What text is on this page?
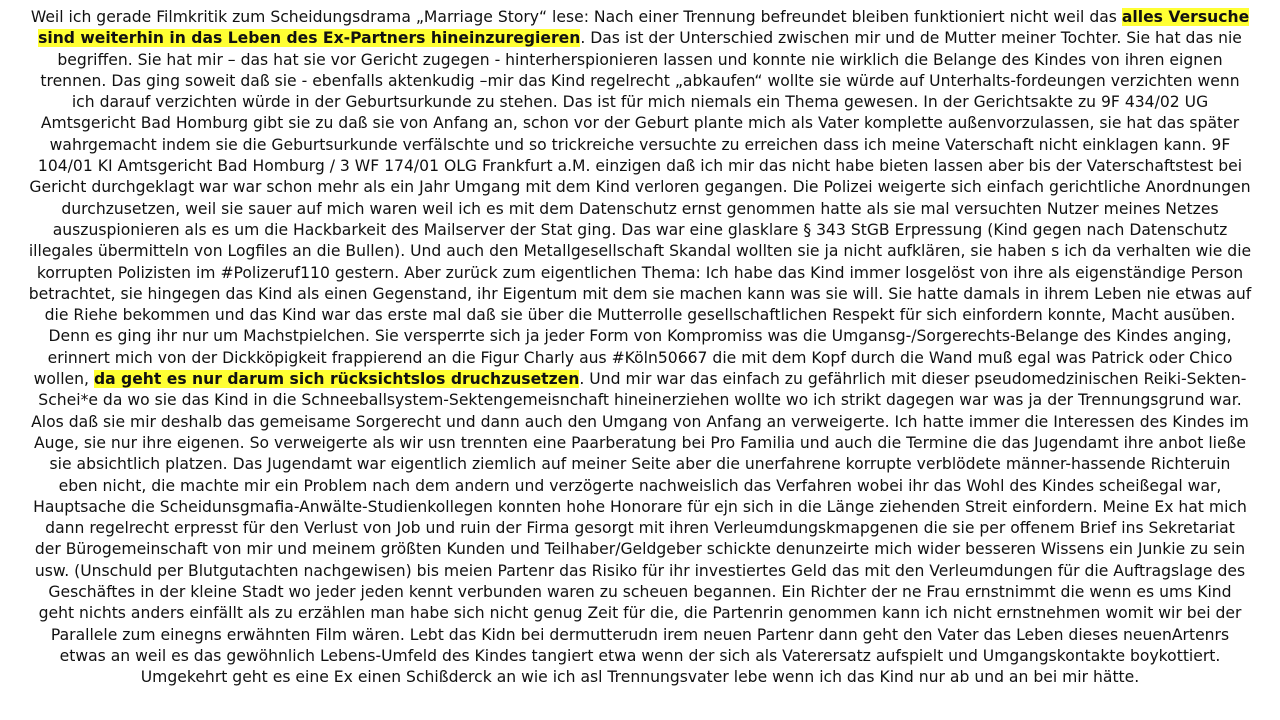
Weil ich gerade Filmkritik zum Scheidungsdrama „Marriage Story“ lese: Nach einer Trennung befreundet bleiben funktioniert nicht weil das alles Versuche
sind weiterhin in das Leben des Ex-Partners hineinzuregieren. Das ist der Unterschied zwischen mir und de Mutter meiner Tochter. Sie hat das nie
begriffen. Sie hat mir – das hat sie vor Gericht zugegen - hinterherspionieren lassen und konnte nie wirklich die Belange des Kindes von ihren eignen
trennen. Das ging soweit daß sie - ebenfalls aktenkudig –mir das Kind regelrecht „abkaufen“ wollte sie würde auf Unterhalts-fordeungen verzichten wenn
ich darauf verzichten würde in der Geburtsurkunde zu stehen. Das ist für mich niemals ein Thema gewesen. In der Gerichtsakte zu 9F 434/02 UG
Amtsgericht Bad Homburg gibt sie zu daß sie von Anfang an, schon vor der Geburt plante mich als Vater komplette außenvorzulassen, sie hat das später
wahrgemacht indem sie die Geburtsurkunde verfälschte und so trickreiche versuchte zu erreichen dass ich meine Vaterschaft nicht einklagen kann. 9F
104/01 KI Amtsgericht Bad Homburg / 3 WF 174/01 OLG Frankfurt a.M. einzigen daß ich mir das nicht habe bieten lassen aber bis der Vaterschaftstest bei
Gericht durchgeklagt war war schon mehr als ein Jahr Umgang mit dem Kind verloren gegangen. Die Polizei weigerte sich einfach gerichtliche Anordnungen
durchzusetzen, weil sie sauer auf mich waren weil ich es mit dem Datenschutz ernst genommen hatte als sie mal versuchten Nutzer meines Netzes
auszuspionieren als es um die Hackbarkeit des Mailserver der Stat ging. Das war eine glasklare § 343 StGB Erpressung (Kind gegen nach Datenschutz
illegales übermitteln von Logfiles an die Bullen). Und auch den Metallgesellschaft Skandal wollten sie ja nicht aufklären, sie haben s ich da verhalten wie die
korrupten Polizisten im #Polizeruf110 gestern. Aber zurück zum eigentlichen Thema: Ich habe das Kind immer losgelöst von ihre als eigenständige Person
betrachtet, sie hingegen das Kind als einen Gegenstand, ihr Eigentum mit dem sie machen kann was sie will. Sie hatte damals in ihrem Leben nie etwas auf
die Riehe bekommen und das Kind war das erste mal daß sie über die Mutterrolle gesellschaftlichen Respekt für sich einfordern konnte, Macht ausüben.
Denn es ging ihr nur um Machstpielchen. Sie versperrte sich ja jeder Form von Kompromiss was die Umgansg-/Sorgerechts-Belange des Kindes anging,
erinnert mich von der Dickköpigkeit frappierend an die Figur Charly aus #Köln50667 die mit dem Kopf durch die Wand muß egal was Patrick oder Chico
wollen, da geht es nur darum sich rücksichtslos druchzusetzen. Und mir war das einfach zu gefährlich mit dieser pseudomedzinischen Reiki-Sekten-
Schei*e da wo sie das Kind in die Schneeballsystem-Sektengemeisnchaft hineinerziehen wollte wo ich strikt dagegen war was ja der Trennungsgrund war.
Alos daß sie mir deshalb das gemeisame Sorgerecht und dann auch den Umgang von Anfang an verweigerte. Ich hatte immer die Interessen des Kindes im
Auge, sie nur ihre eigenen. So verweigerte als wir usn trennten eine Paarberatung bei Pro Familia und auch die Termine die das Jugendamt ihre anbot ließe
sie absichtlich platzen. Das Jugendamt war eigentlich ziemlich auf meiner Seite aber die unerfahrene korrupte verblödete männer-hassende Richteruin
eben nicht, die machte mir ein Problem nach dem andern und verzögerte nachweislich das Verfahren wobei ihr das Wohl des Kindes scheißegal war,
Hauptsache die Scheidunsgmafia-Anwälte-Studienkollegen konnten hohe Honorare für ejn sich in die Länge ziehenden Streit einfordern. Meine Ex hat mich
dann regelrecht erpresst für den Verlust von Job und ruin der Firma gesorgt mit ihren Verleumdungskmapgenen die sie per offenem Brief ins Sekretariat
der Bürogemeinschaft von mir und meinem größten Kunden und Teilhaber/Geldgeber schickte denunzeirte mich wider besseren Wissens ein Junkie zu sein
usw. (Unschuld per Blutgutachten nachgewisen) bis meien Partenr das Risiko für ihr investiertes Geld das mit den Verleumdungen für die Auftragslage des
Geschäftes in der kleine Stadt wo jeder jeden kennt verbunden waren zu scheuen begannen. Ein Richter der ne Frau ernstnimmt die wenn es ums Kind
geht nichts anders einfällt als zu erzählen man habe sich nicht genug Zeit für die, die Partenrin genommen kann ich nicht ernstnehmen womit wir bei der
Parallele zum einegns erwähnten Film wären. Lebt das Kidn bei dermutterudn irem neuen Partenr dann geht den Vater das Leben dieses neuenArtenrs
etwas an weil es das gewöhnlich Lebens-Umfeld des Kindes tangiert etwa wenn der sich als Vaterersatz aufspielt und Umgangskontakte boykottiert.
Umgekehrt geht es eine Ex einen Schißderck an wie ich asl Trennungsvater lebe wenn ich das Kind nur ab und an bei mir hätte.
